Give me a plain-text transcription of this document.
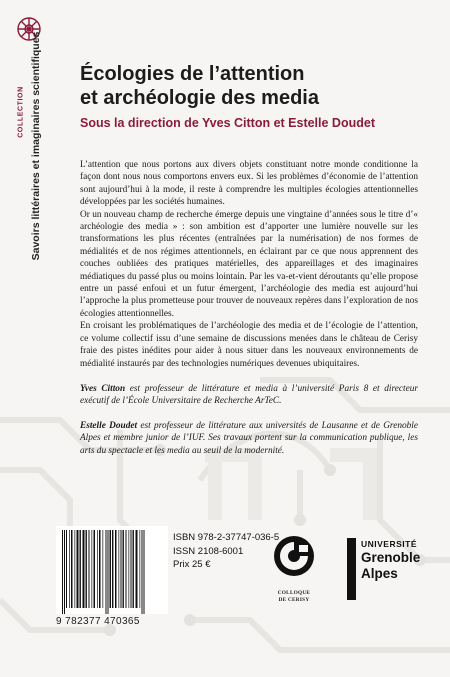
COLLECTION Savoirs littéraires et imaginaires scientifiques Écologies de l’attention
et archéologie des media
Sous la direction de Yves Citton et Estelle Doudet

L’attention que nous portons aux divers objets constituant notre monde conditionne la façon dont nous nous comportons envers eux. Si les problèmes d’économie de l’attention sont aujourd’hui à la mode, il reste à comprendre les multiples écologies attentionnelles développées par les sociétés humaines.

Or un nouveau champ de recherche émerge depuis une vingtaine d’années sous le titre d’« archéologie des media » : son ambition est d’apporter une lumière nouvelle sur les transformations les plus récentes (entraînées par la numérisation) de nos formes de médialités et de nos régimes attentionnels, en éclairant par ce que nous apprennent des couches oubliées des pratiques matérielles, des appareillages et des imaginaires médiatiques du passé plus ou moins lointain. Par les va-et-vient déroutants qu’elle propose entre un passé enfoui et un futur émergent, l’archéologie des media est aujourd’hui l’approche la plus prometteuse pour trouver de nouveaux repères dans l’exploration de nos écologies attentionnelles.

En croisant les problématiques de l’archéologie des media et de l’écologie de l’attention, ce volume collectif issu d’une semaine de discussions menées dans le château de Cerisy fraie des pistes inédites pour aider à nous situer dans les nouveaux environnements de médialité instaurés par des technologies numériques devenues ubiquitaires.

Yves Citton est professeur de littérature et media à l’université Paris 8 et directeur exécutif de l’École Universitaire de Recherche ArTeC.

Estelle Doudet est professeur de littérature aux universités de Lausanne et de Grenoble Alpes et membre junior de l’IUF. Ses travaux portent sur la communication publique, les arts du spectacle et les media au seuil de la modernité.

9 782377 470365
ISBN 978-2-37747-036-5
ISSN 2108-6001
Prix 25 €
COLLOQUE
DE CERISY
UNIVERSITÉ
Grenoble
Alpes
